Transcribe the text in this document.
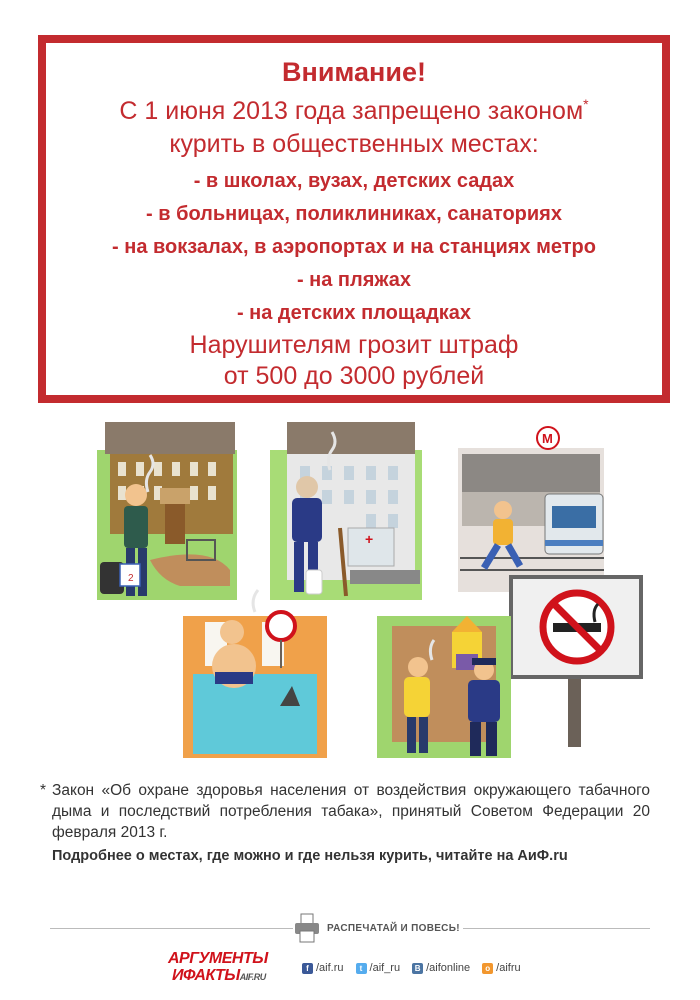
Внимание!
С 1 июня 2013 года запрещено законом*
курить в общественных местах:
- в школах, вузах, детских садах
- в больницах, поликлиниках, санаториях
- на вокзалах, в аэропортах и на станциях метро
- на пляжах
- на детских площадках
Нарушителям грозит штраф
от 500 до 3000 рублей
2
+
М
* Закон «Об охране здоровья населения от воздействия окружающего табачного дыма и последствий потребления табака», принятый Советом Федерации 20 февраля 2013 г.

Подробнее о местах, где можно и где нельзя курить, читайте на АиФ.ru
РАСПЕЧАТАЙ И ПОВЕСЬ!
АРГУМЕНТЫ
ИФАКТЫAIF.RU
f /aif.ru	t /aif_ru	B /aifonline	o /aifru
